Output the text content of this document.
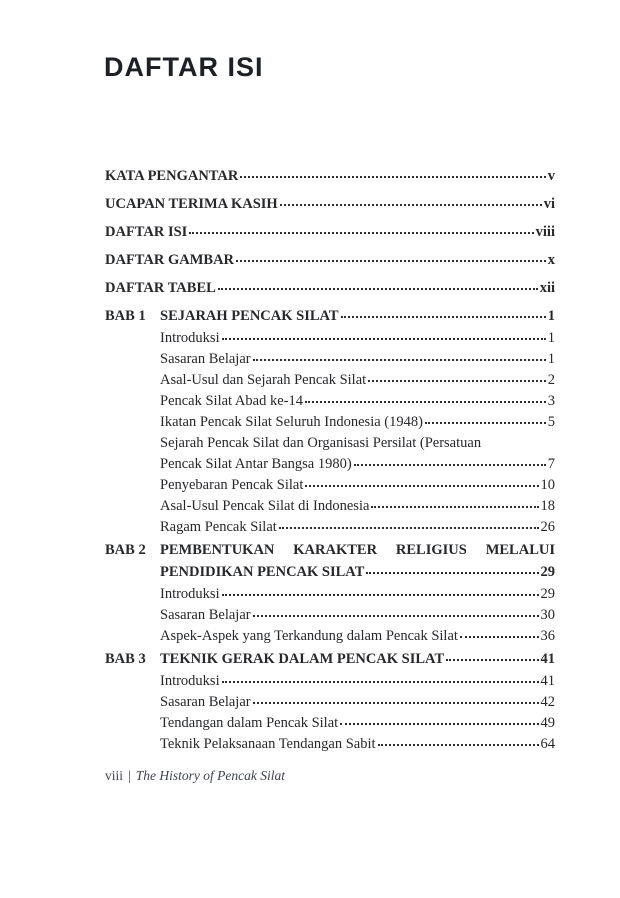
DAFTAR ISI
KATA PENGANTAR	v
UCAPAN TERIMA KASIH	vi
DAFTAR ISI	viii
DAFTAR GAMBAR	x
DAFTAR TABEL	xii
BAB 1 SEJARAH PENCAK SILAT	1
Introduksi	1
Sasaran Belajar	1
Asal-Usul dan Sejarah Pencak Silat	2
Pencak Silat Abad ke-14	3
Ikatan Pencak Silat Seluruh Indonesia (1948)	5
Sejarah Pencak Silat dan Organisasi Persilat (Persatuan
Pencak Silat Antar Bangsa 1980)	7
Penyebaran Pencak Silat	10
Asal-Usul Pencak Silat di Indonesia	18
Ragam Pencak Silat	26
BAB 2 PEMBENTUKAN KARAKTER RELIGIUS MELALUI
PENDIDIKAN PENCAK SILAT	29
Introduksi	29
Sasaran Belajar	30
Aspek-Aspek yang Terkandung dalam Pencak Silat	36
BAB 3 TEKNIK GERAK DALAM PENCAK SILAT	41
Introduksi	41
Sasaran Belajar	42
Tendangan dalam Pencak Silat	49
Teknik Pelaksanaan Tendangan Sabit	64
viii | The History of Pencak Silat
